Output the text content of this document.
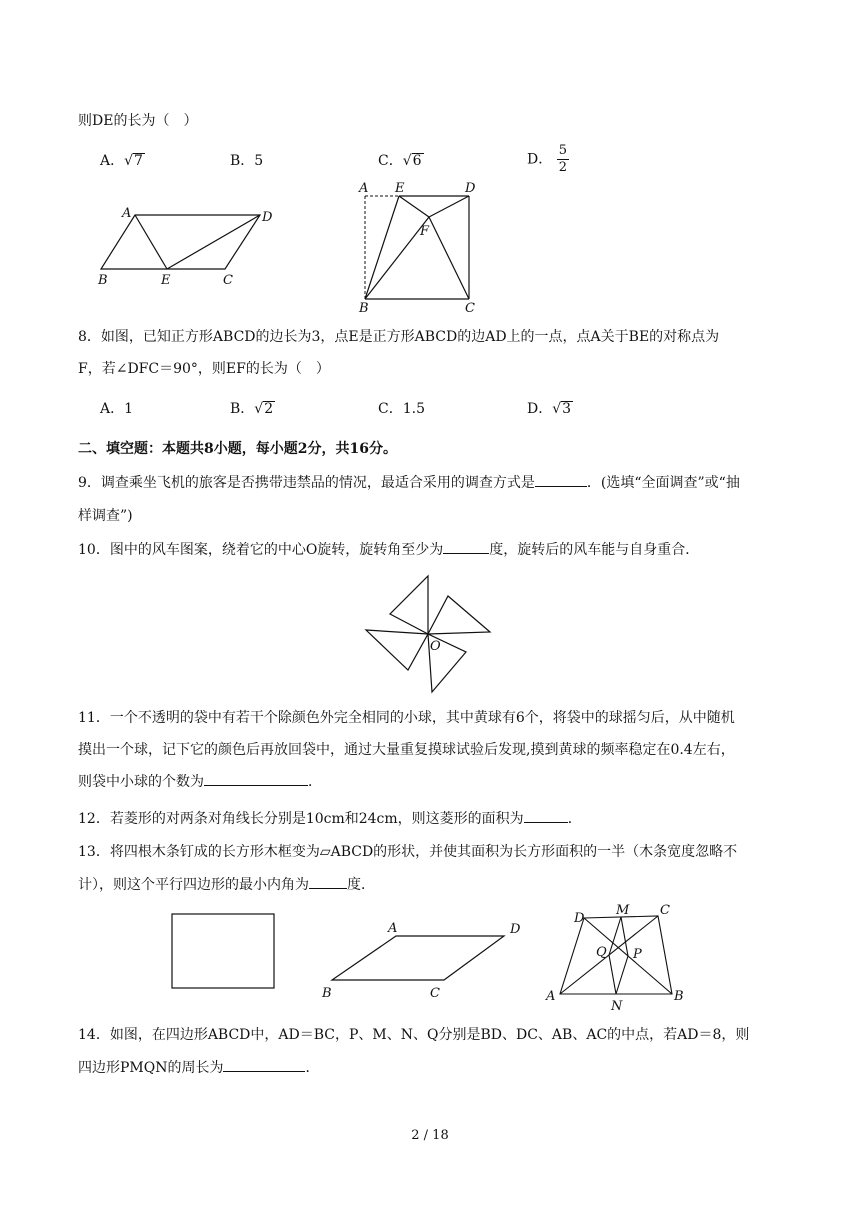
则DE的长为（　）
A．√7	B．5	C．√6	D． $\frac{5}{2}$
A	D
B	E	C
A E	D
F
B	C
8．如图，已知正方形ABCD的边长为3，点E是正方形ABCD的边AD上的一点，点A关于BE的对称点为
F，若∠DFC＝90°，则EF的长为（　）
A．1	B．√2	C．1.5	D．√3
二、填空题：本题共8小题，每小题2分，共16分。
9．调查乘坐飞机的旅客是否携带违禁品的情况，最适合采用的调查方式是	．(选填“全面调查”或“抽
样调查”)
10．图中的风车图案，绕着它的中心O旋转，旋转角至少为	度，旋转后的风车能与自身重合．
O
11．一个不透明的袋中有若干个除颜色外完全相同的小球，其中黄球有6个，将袋中的球摇匀后，从中随机
摸出一个球，记下它的颜色后再放回袋中，通过大量重复摸球试验后发现,摸到黄球的频率稳定在0.4左右，
则袋中小球的个数为	．
12．若菱形的对两条对角线长分别是10cm和24cm，则这菱形的面积为	．
13．将四根木条钉成的长方形木框变为▱ABCD的形状，并使其面积为长方形面积的一半（木条宽度忽略不
计），则这个平行四边形的最小内角为	度．
A	D
B	C
D
M C
Q P
A
N
B
14．如图，在四边形ABCD中，AD＝BC，P、M、N、Q分别是BD、DC、AB、AC的中点，若AD＝8，则
四边形PMQN的周长为	．
2 / 18
